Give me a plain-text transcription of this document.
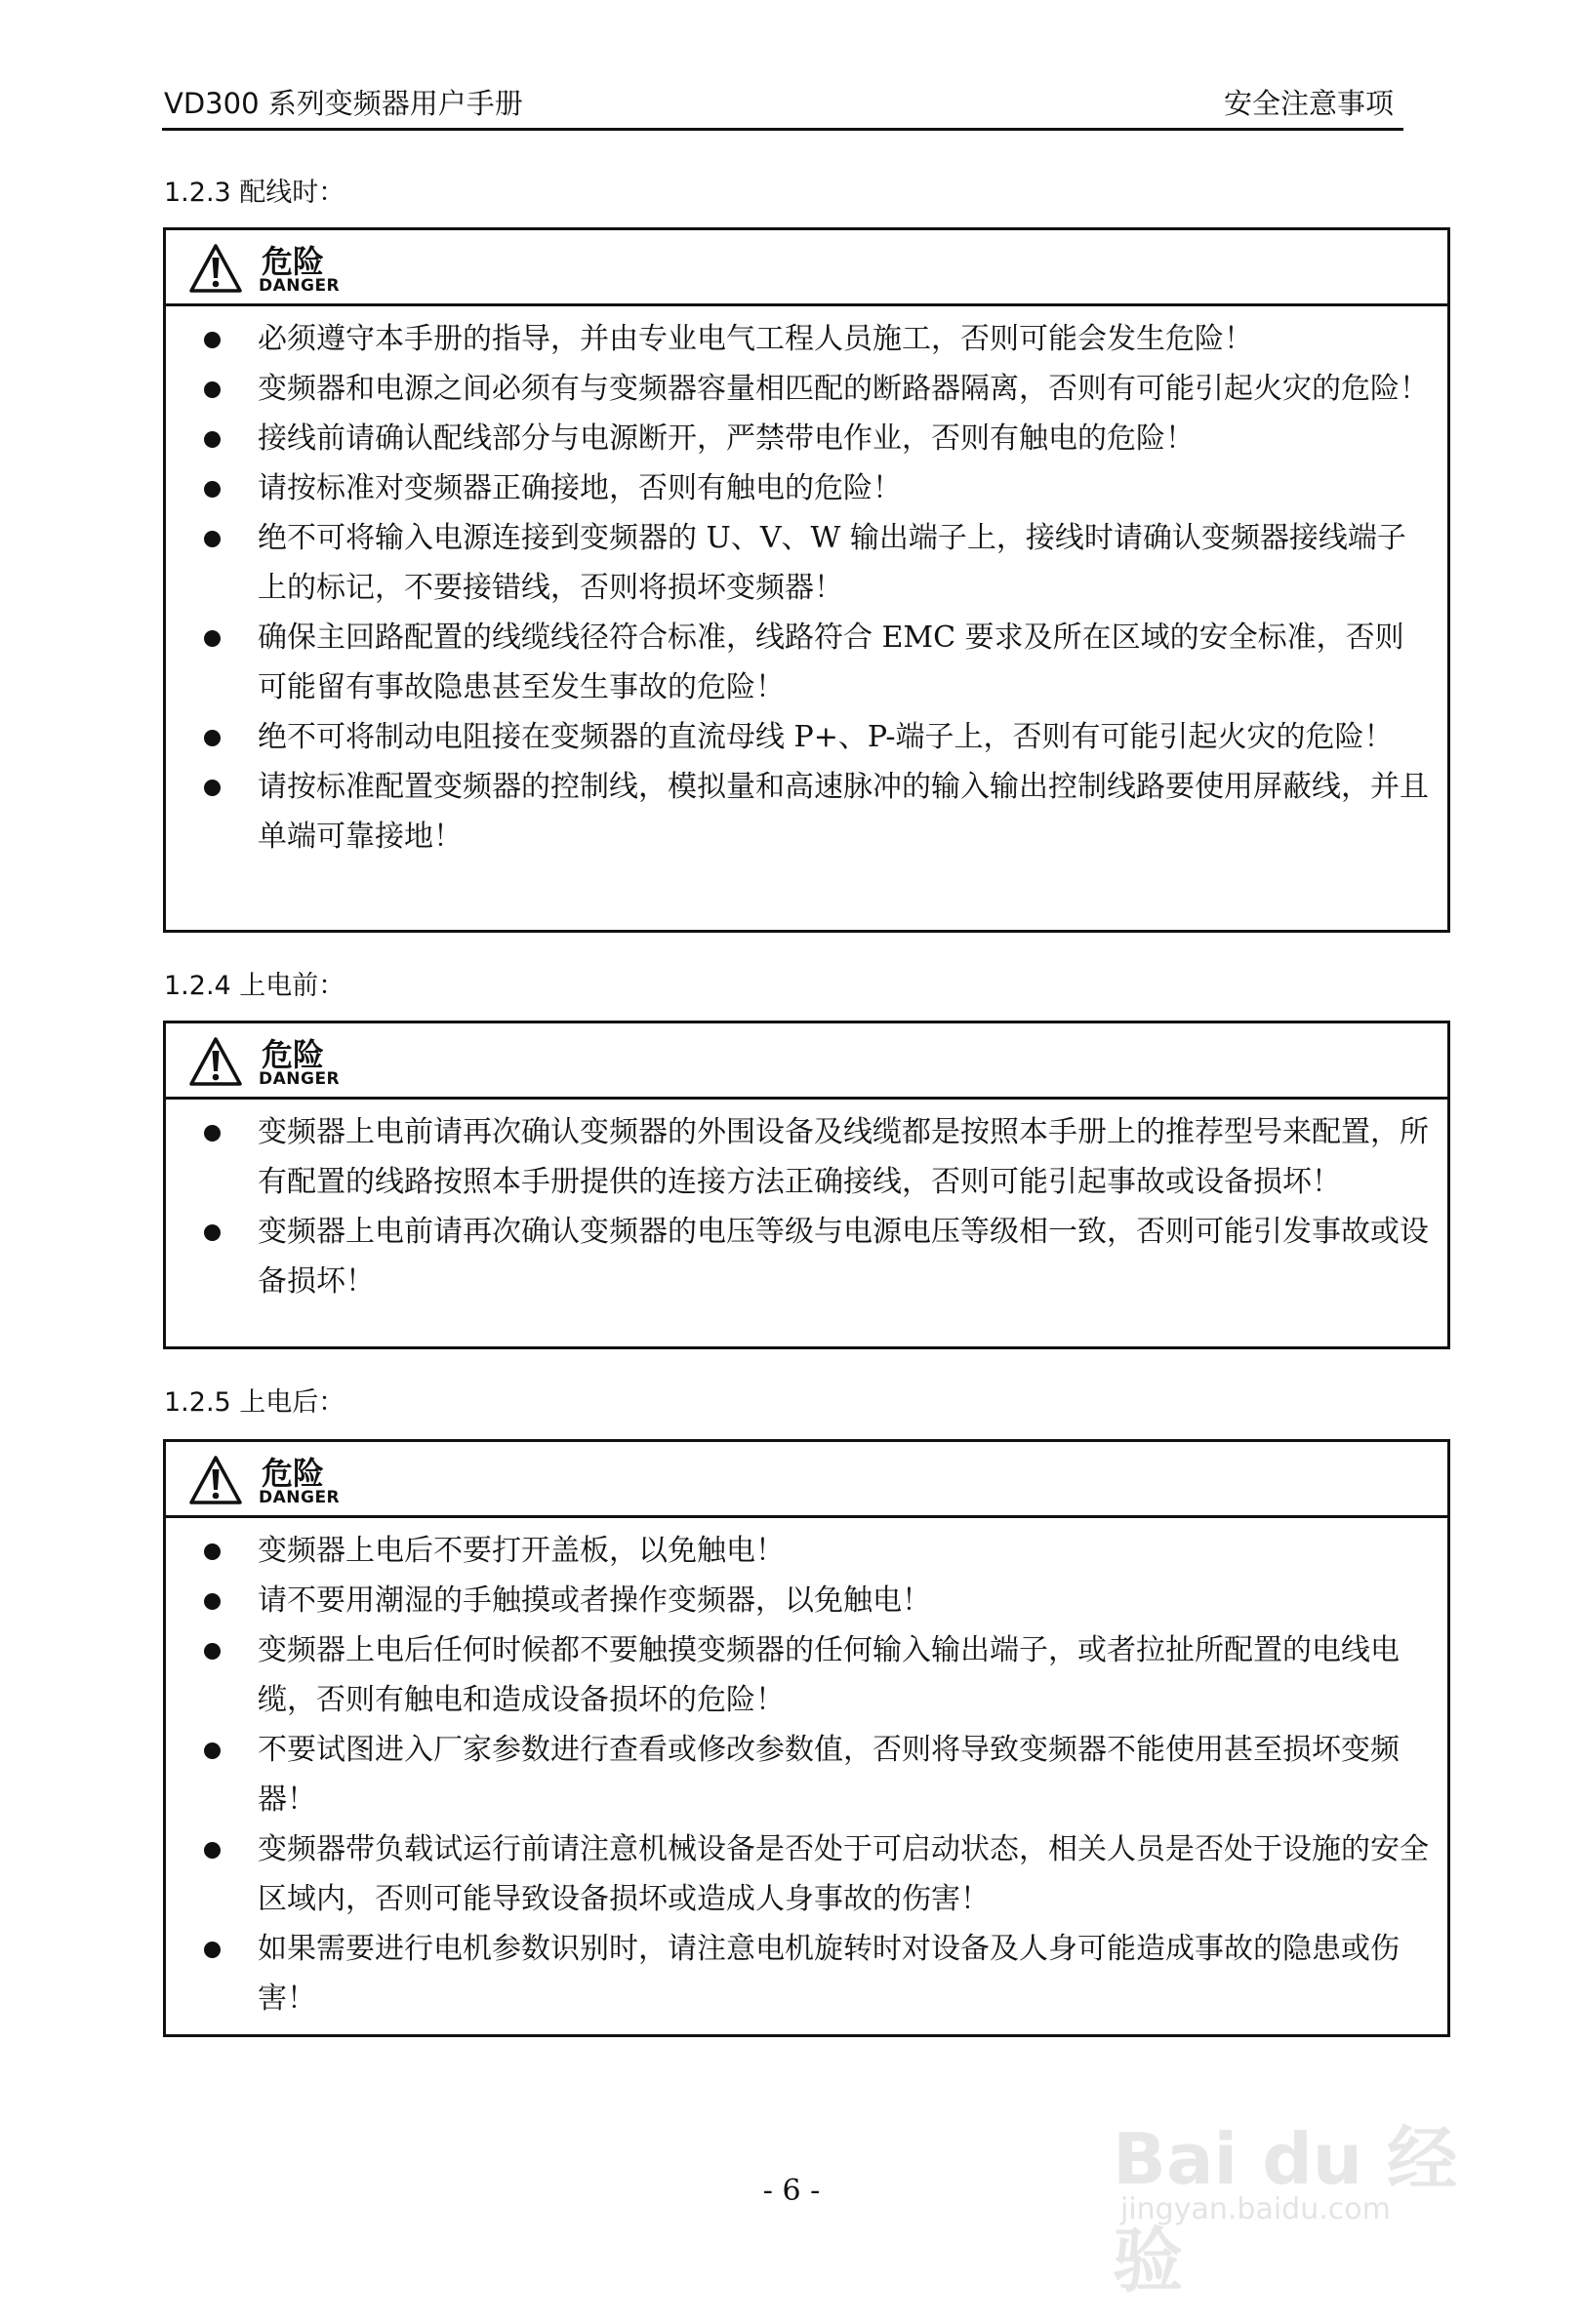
VD300 系列变频器用户手册	安全注意事项
1.2.3 配线时：
危险
DANGER
必须遵守本手册的指导，并由专业电气工程人员施工，否则可能会发生危险！
变频器和电源之间必须有与变频器容量相匹配的断路器隔离，否则有可能引起火灾的危险！
接线前请确认配线部分与电源断开，严禁带电作业，否则有触电的危险！
请按标准对变频器正确接地，否则有触电的危险！
绝不可将输入电源连接到变频器的 U、V、W 输出端子上，接线时请确认变频器接线端子上的标记，不要接错线，否则将损坏变频器！
确保主回路配置的线缆线径符合标准，线路符合 EMC 要求及所在区域的安全标准，否则可能留有事故隐患甚至发生事故的危险！
绝不可将制动电阻接在变频器的直流母线 P+、P-端子上，否则有可能引起火灾的危险！
请按标准配置变频器的控制线，模拟量和高速脉冲的输入输出控制线路要使用屏蔽线，并且单端可靠接地！
1.2.4 上电前：
危险
DANGER
变频器上电前请再次确认变频器的外围设备及线缆都是按照本手册上的推荐型号来配置，所有配置的线路按照本手册提供的连接方法正确接线，否则可能引起事故或设备损坏！
变频器上电前请再次确认变频器的电压等级与电源电压等级相一致，否则可能引发事故或设备损坏！
1.2.5 上电后：
危险
DANGER
变频器上电后不要打开盖板，以免触电！
请不要用潮湿的手触摸或者操作变频器，以免触电！
变频器上电后任何时候都不要触摸变频器的任何输入输出端子，或者拉扯所配置的电线电缆，否则有触电和造成设备损坏的危险！
不要试图进入厂家参数进行查看或修改参数值，否则将导致变频器不能使用甚至损坏变频器！
变频器带负载试运行前请注意机械设备是否处于可启动状态，相关人员是否处于设施的安全区域内，否则可能导致设备损坏或造成人身事故的伤害！
如果需要进行电机参数识别时，请注意电机旋转时对设备及人身可能造成事故的隐患或伤害！
Bai du 经验
jingyan.baidu.com
- 6 -
